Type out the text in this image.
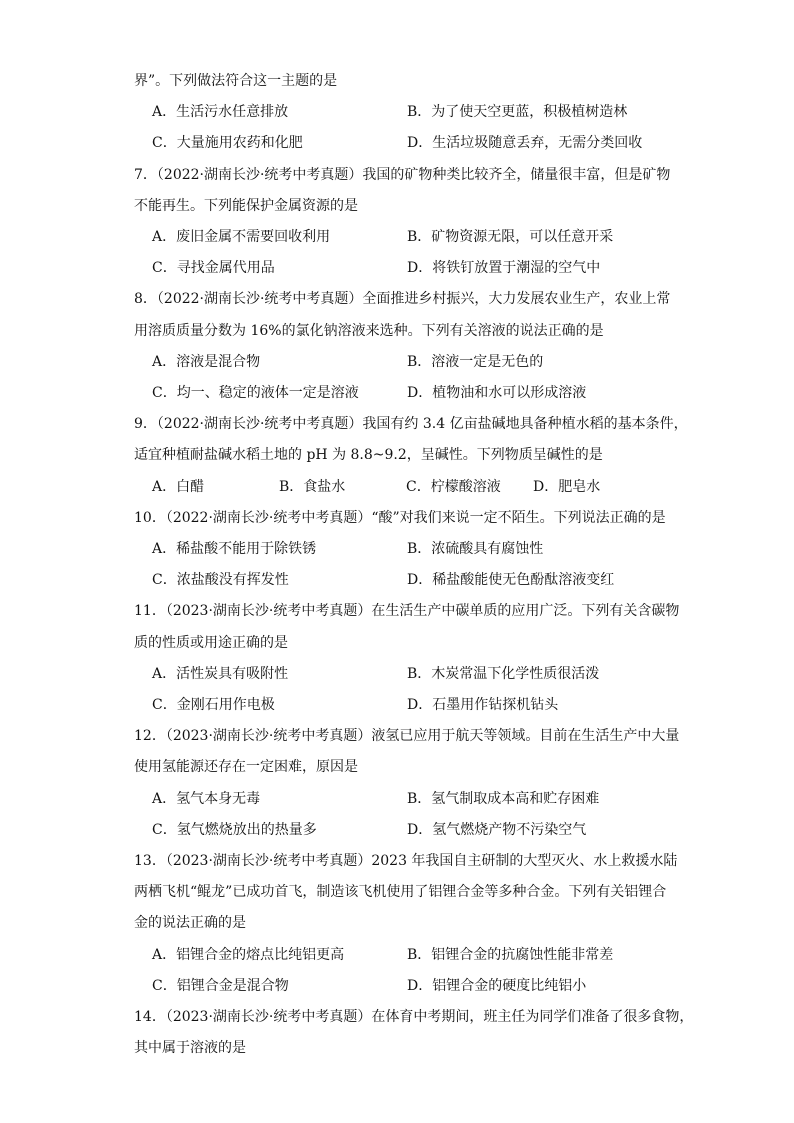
界”。下列做法符合这一主题的是
A．生活污水任意排放	B．为了使天空更蓝，积极植树造林
C．大量施用农药和化肥	D．生活垃圾随意丢弃，无需分类回收
7．（2022·湖南长沙·统考中考真题）我国的矿物种类比较齐全，储量很丰富，但是矿物
不能再生。下列能保护金属资源的是
A．废旧金属不需要回收利用	B．矿物资源无限，可以任意开采
C．寻找金属代用品	D．将铁钉放置于潮湿的空气中
8．（2022·湖南长沙·统考中考真题）全面推进乡村振兴，大力发展农业生产，农业上常
用溶质质量分数为 16%的氯化钠溶液来选种。下列有关溶液的说法正确的是
A．溶液是混合物	B．溶液一定是无色的
C．均一、稳定的液体一定是溶液	D．植物油和水可以形成溶液
9．（2022·湖南长沙·统考中考真题）我国有约 3.4 亿亩盐碱地具备种植水稻的基本条件，
适宜种植耐盐碱水稻土地的 pH 为 8.8~9.2，呈碱性。下列物质呈碱性的是
A．白醋	B．食盐水	C．柠檬酸溶液	D．肥皂水
10．（2022·湖南长沙·统考中考真题）“酸”对我们来说一定不陌生。下列说法正确的是
A．稀盐酸不能用于除铁锈	B．浓硫酸具有腐蚀性
C．浓盐酸没有挥发性	D．稀盐酸能使无色酚酞溶液变红
11．（2023·湖南长沙·统考中考真题）在生活生产中碳单质的应用广泛。下列有关含碳物
质的性质或用途正确的是
A．活性炭具有吸附性	B．木炭常温下化学性质很活泼
C．金刚石用作电极	D．石墨用作钻探机钻头
12．（2023·湖南长沙·统考中考真题）液氢已应用于航天等领域。目前在生活生产中大量
使用氢能源还存在一定困难，原因是
A．氢气本身无毒	B．氢气制取成本高和贮存困难
C．氢气燃烧放出的热量多	D．氢气燃烧产物不污染空气
13．（2023·湖南长沙·统考中考真题）2023 年我国自主研制的大型灭火、水上救援水陆
两栖飞机“鲲龙”已成功首飞，制造该飞机使用了铝锂合金等多种合金。下列有关铝锂合
金的说法正确的是
A．铝锂合金的熔点比纯铝更高	B．铝锂合金的抗腐蚀性能非常差
C．铝锂合金是混合物	D．铝锂合金的硬度比纯铝小
14．（2023·湖南长沙·统考中考真题）在体育中考期间，班主任为同学们准备了很多食物，
其中属于溶液的是
